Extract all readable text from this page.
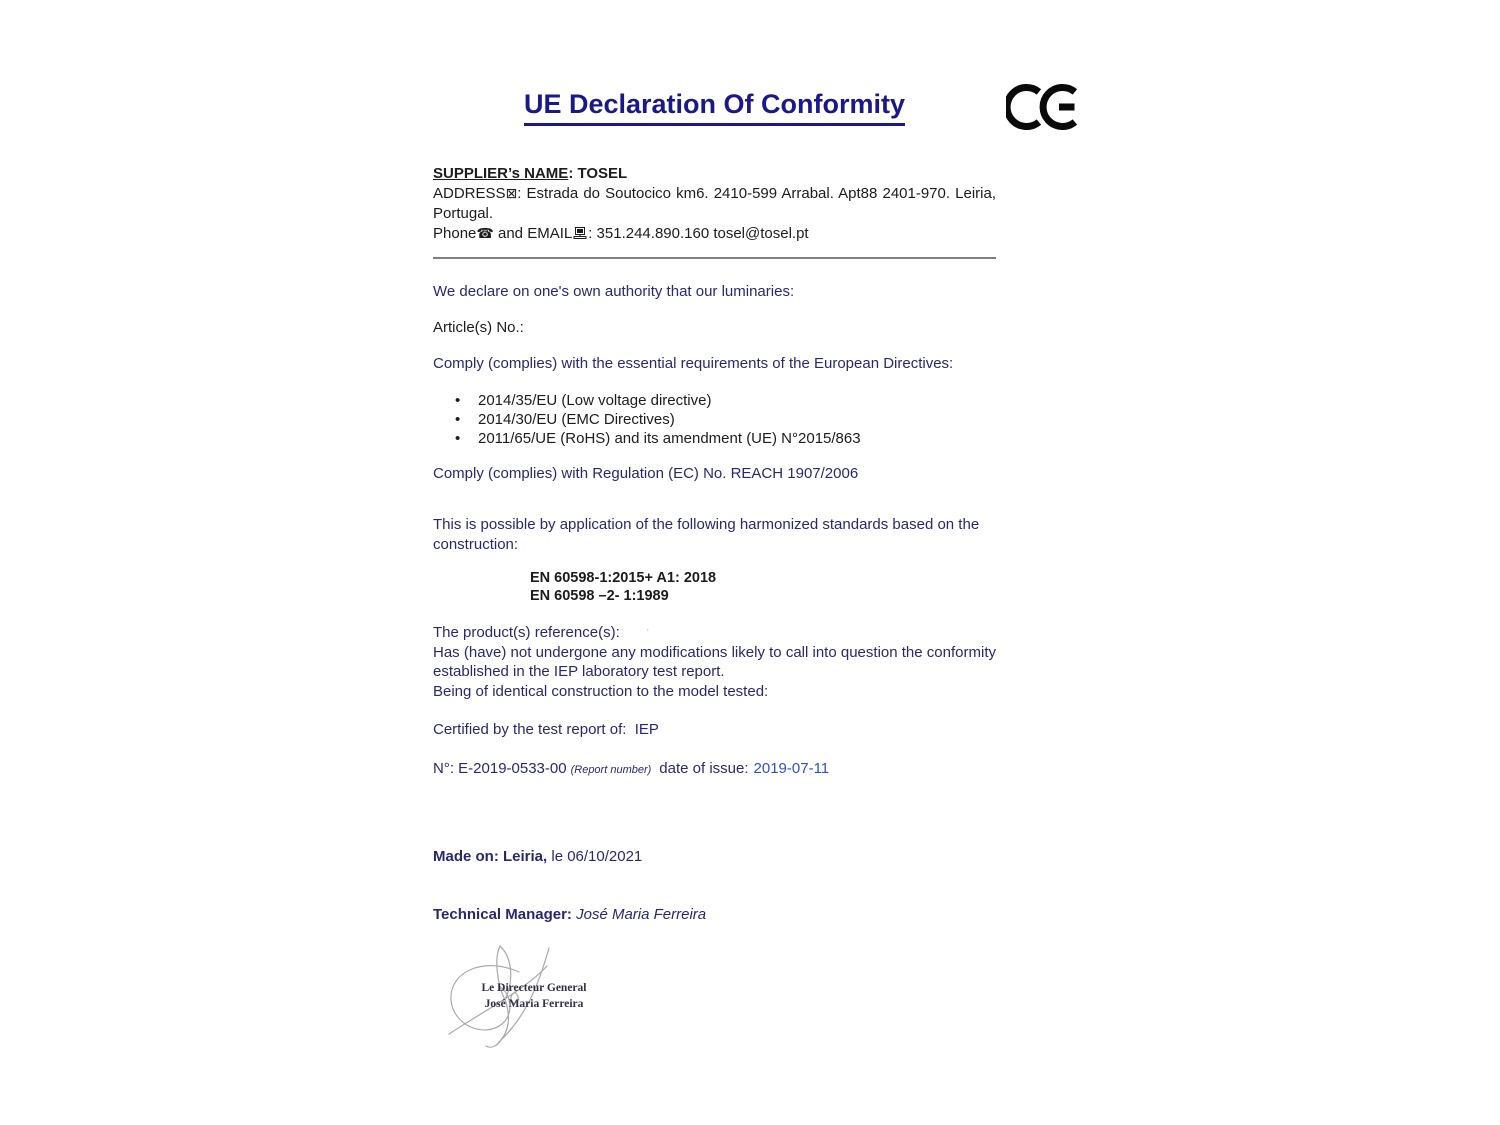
UE Declaration Of Conformity

SUPPLIER’s NAME: TOSEL

ADDRESS⊠: Estrada do Soutocico km6. 2410-599 Arrabal. Apt88 2401-970. Leiria, Portugal.

Phone☎ and EMAIL : 351.244.890.160 tosel@tosel.pt

We declare on one's own authority that our luminaries:

Article(s) No.:

Comply (complies) with the essential requirements of the European Directives:

• 2014/35/EU (Low voltage directive)
• 2014/30/EU (EMC Directives)
• 2011/65/UE (RoHS) and its amendment (UE) N°2015/863

Comply (complies) with Regulation (EC) No. REACH 1907/2006

This is possible by application of the following harmonized standards based on the construction:

EN 60598-1:2015+ A1: 2018
EN 60598 –2- 1:1989

The product(s) reference(s): ·

Has (have) not undergone any modifications likely to call into question the conformity established in the IEP laboratory test report.

Being of identical construction to the model tested:

Certified by the test report of:  IEP

N°: E-2019-0533-00 (Report number) date of issue: 2019-07-11

Made on: Leiria, le 06/10/2021

Technical Manager: José Maria Ferreira

Le Directeur General
José Maria Ferreira
